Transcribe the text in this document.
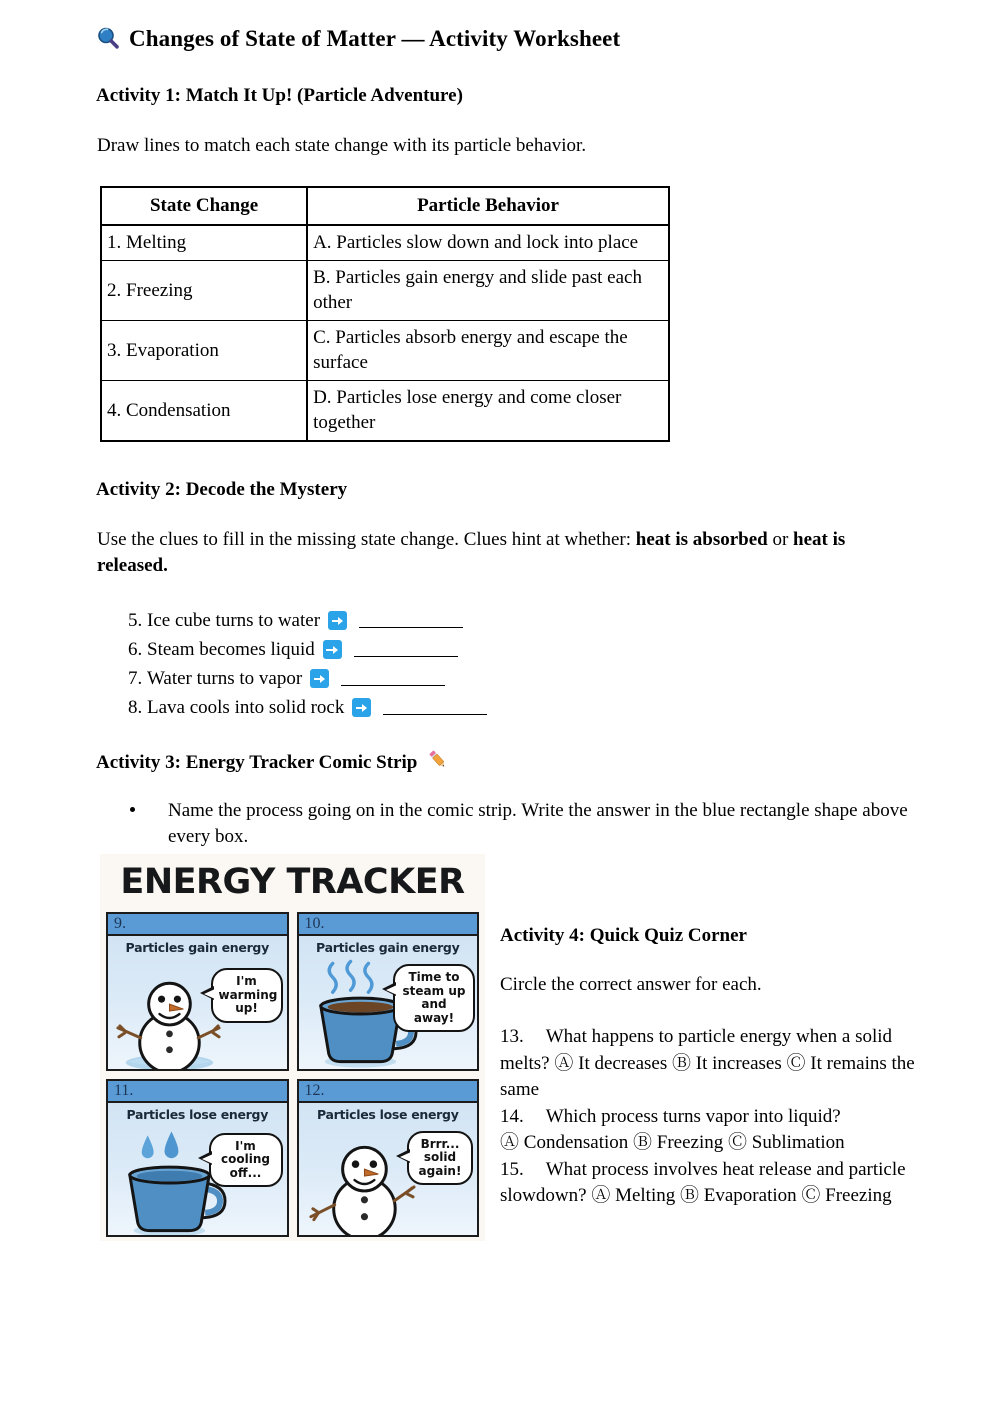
Changes of State of Matter — Activity Worksheet
Activity 1: Match It Up! (Particle Adventure)
Draw lines to match each state change with its particle behavior.
State Change	Particle Behavior
1. Melting	A. Particles slow down and lock into place
2. Freezing	B. Particles gain energy and slide past each other
3. Evaporation	C. Particles absorb energy and escape the surface
4. Condensation	D. Particles lose energy and come closer together
Activity 2: Decode the Mystery
Use the clues to fill in the missing state change. Clues hint at whether: heat is absorbed or heat is released.
5.
Ice cube turns to water
6.
Steam becomes liquid
7.
Water turns to vapor
8.
Lava cools into solid rock
Activity 3: Energy Tracker Comic Strip
Name the process going on in the comic strip. Write the answer in the blue rectangle shape above every box.
ENERGY TRACKER
9.
Particles gain energy
I'm warming up!
10.
Particles gain energy
Time to steam up and away!
11.
Particles lose energy
I'm cooling off...
12.
Particles lose energy
Brrr... solid again!
Activity 4: Quick Quiz Corner
Circle the correct answer for each.
13. What happens to particle energy when a solid melts? Ⓐ It decreases Ⓑ It increases Ⓒ It remains the same
14. Which process turns vapor into liquid? Ⓐ Condensation Ⓑ Freezing Ⓒ Sublimation
15. What process involves heat release and particle slowdown? Ⓐ Melting Ⓑ Evaporation Ⓒ Freezing
